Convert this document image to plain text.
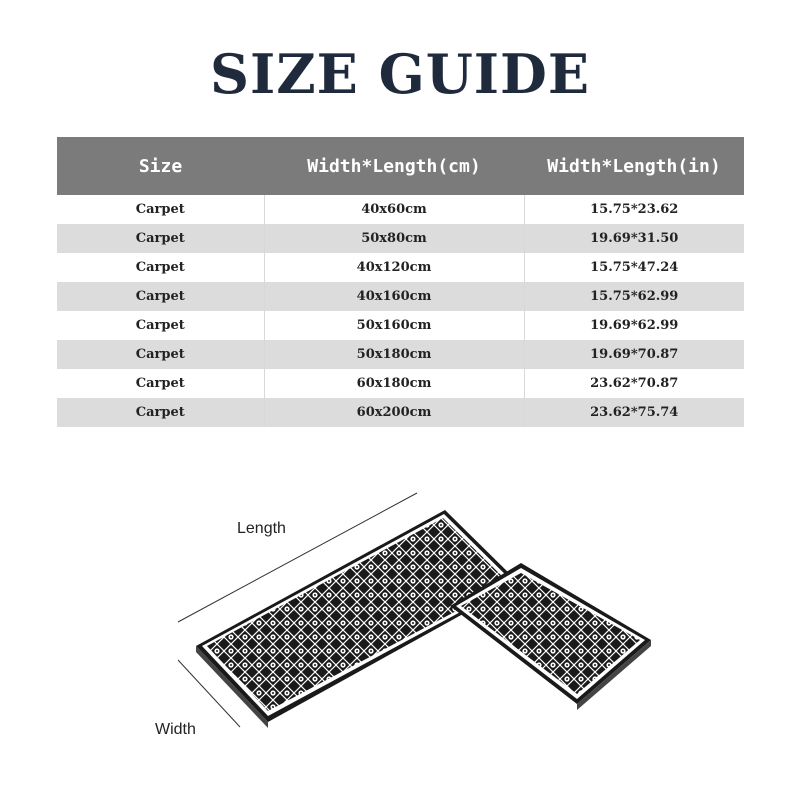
SIZE GUIDE
Size	Width*Length(cm)	Width*Length(in)
Carpet	40x60cm	15.75*23.62
Carpet	50x80cm	19.69*31.50
Carpet	40x120cm	15.75*47.24
Carpet	40x160cm	15.75*62.99
Carpet	50x160cm	19.69*62.99
Carpet	50x180cm	19.69*70.87
Carpet	60x180cm	23.62*70.87
Carpet	60x200cm	23.62*75.74
Length
Width
